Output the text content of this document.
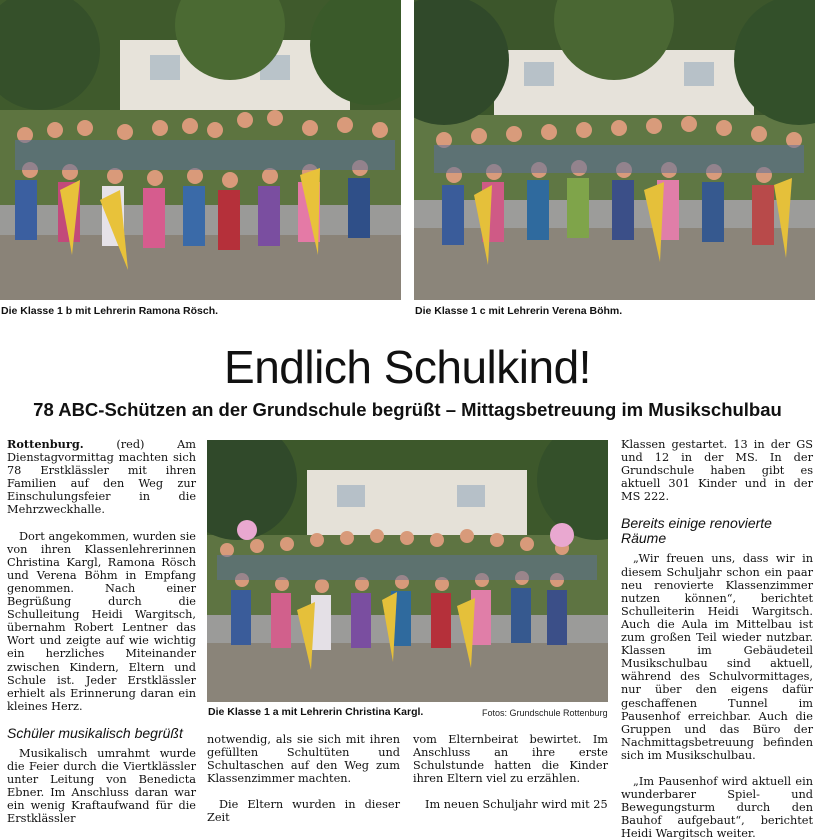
Die Klasse 1 b mit Lehrerin Ramona Rösch.	Die Klasse 1 c mit Lehrerin Verena Böhm.
Endlich Schulkind!
78 ABC-Schützen an der Grundschule begrüßt – Mittagsbetreuung im Musikschulbau

Rottenburg. (red) Am Dienstagvormittag machten sich 78 Erstklässler mit ihren Familien auf den Weg zur Einschulungsfeier in die Mehrzweckhalle.

Dort angekommen, wurden sie von ihren Klassenlehrerinnen Christina Kargl, Ramona Rösch und Verena Böhm in Empfang genommen. Nach einer Begrüßung durch die Schulleitung Heidi Wargitsch, übernahm Robert Lentner das Wort und zeigte auf wie wichtig ein herzliches Miteinander zwischen Kindern, Eltern und Schule ist. Jeder Erstklässler erhielt als Erinnerung daran ein kleines Herz.

Schüler musikalisch begrüßt

Musikalisch umrahmt wurde die Feier durch die Viertklässler unter Leitung von Benedicta Ebner. Im Anschluss daran war ein wenig Kraftaufwand für die Erstklässler

Die Klasse 1 a mit Lehrerin Christina Kargl.	Fotos: Grundschule Rottenburg

notwendig, als sie sich mit ihren gefüllten Schultüten und Schultaschen auf den Weg zum Klassenzimmer machten.

Die Eltern wurden in dieser Zeit

vom Elternbeirat bewirtet. Im Anschluss an ihre erste Schulstunde hatten die Kinder ihren Eltern viel zu erzählen.

Im neuen Schuljahr wird mit 25

Klassen gestartet. 13 in der GS und 12 in der MS. In der Grundschule haben gibt es aktuell 301 Kinder und in der MS 222.

Bereits einige renovierte Räume

„Wir freuen uns, dass wir in diesem Schuljahr schon ein paar neu renovierte Klassenzimmer nutzen können“, berichtet Schulleiterin Heidi Wargitsch. Auch die Aula im Mittelbau ist zum großen Teil wieder nutzbar. Klassen im Gebäudeteil Musikschulbau sind aktuell, während des Schulvormittages, nur über den eigens dafür geschaffenen Tunnel im Pausenhof erreichbar. Auch die Gruppen und das Büro der Nachmittagsbetreuung befinden sich im Musikschulbau.

„Im Pausenhof wird aktuell ein wunderbarer Spiel- und Bewegungsturm durch den Bauhof aufgebaut“, berichtet Heidi Wargitsch weiter.
